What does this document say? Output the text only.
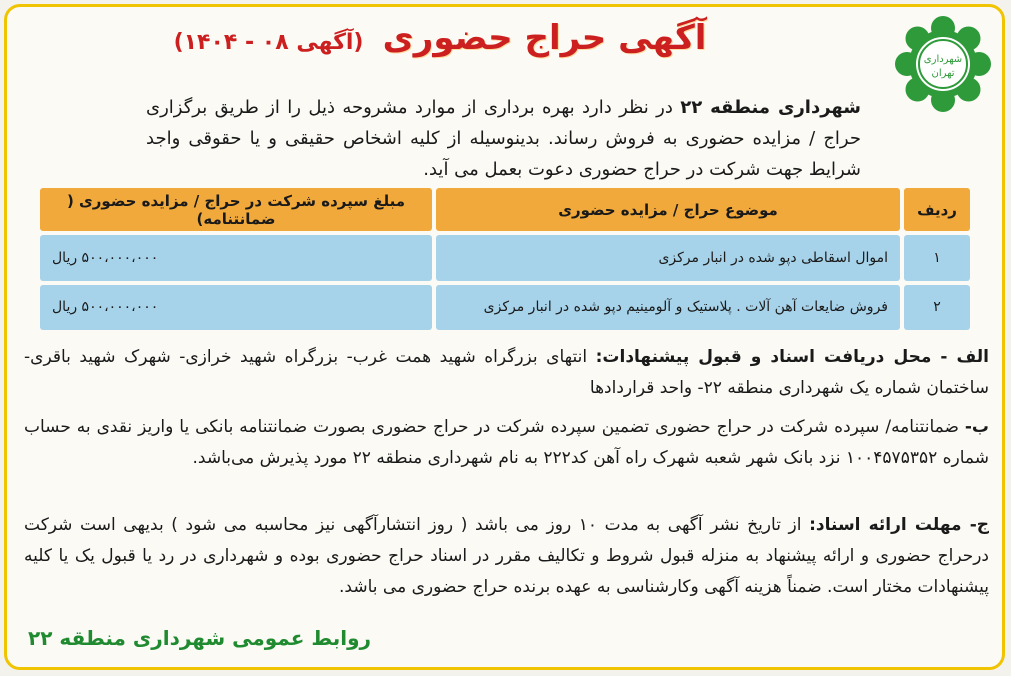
آگهی حراج حضوری (آگهی ۰۸ - ۱۴۰۴)
شهرداری
تهران
شهرداری منطقه ۲۲ در نظر دارد بهره برداری از موارد مشروحه ذیل را از طریق برگزاری حراج / مزایده حضوری به فروش رساند. بدینوسیله از کلیه اشخاص حقیقی و یا حقوقی واجد شرایط جهت شرکت در حراج حضوری دعوت بعمل می آید.
ردیف	موضوع حراج / مزایده حضوری	مبلغ سپرده شرکت در حراج / مزایده حضوری ( ضمانتنامه)
۱	اموال اسقاطی دپو شده در انبار مرکزی	۵۰۰،۰۰۰،۰۰۰ ریال
۲	فروش ضایعات آهن آلات . پلاستیک و آلومینیم دپو شده در انبار مرکزی	۵۰۰،۰۰۰،۰۰۰ ریال
الف - محل دریافت اسناد و قبول پیشنهادات: انتهای بزرگراه شهید همت غرب- بزرگراه شهید خرازی- شهرک شهید باقری- ساختمان شماره یک شهرداری منطقه ۲۲- واحد قراردادها
ب- ضمانتنامه/ سپرده شرکت در حراج حضوری تضمین سپرده شرکت در حراج حضوری بصورت ضمانتنامه بانکی یا واریز نقدی به حساب شماره ۱۰۰۴۵۷۵۳۵۲ نزد بانک شهر شعبه شهرک راه آهن کد۲۲۲ به نام شهرداری منطقه ۲۲ مورد پذیرش می‌باشد.
ج- مهلت ارائه اسناد: از تاریخ نشر آگهی به مدت ۱۰ روز می باشد ( روز انتشارآگهی نیز محاسبه می شود ) بدیهی است شرکت درحراج حضوری و ارائه پیشنهاد به منزله قبول شروط و تکالیف مقرر در اسناد حراج حضوری بوده و شهرداری در رد یا قبول یک یا کلیه پیشنهادات مختار است. ضمناً هزینه آگهی وکارشناسی به عهده برنده حراج حضوری می باشد.
روابط عمومی شهرداری منطقه ۲۲
